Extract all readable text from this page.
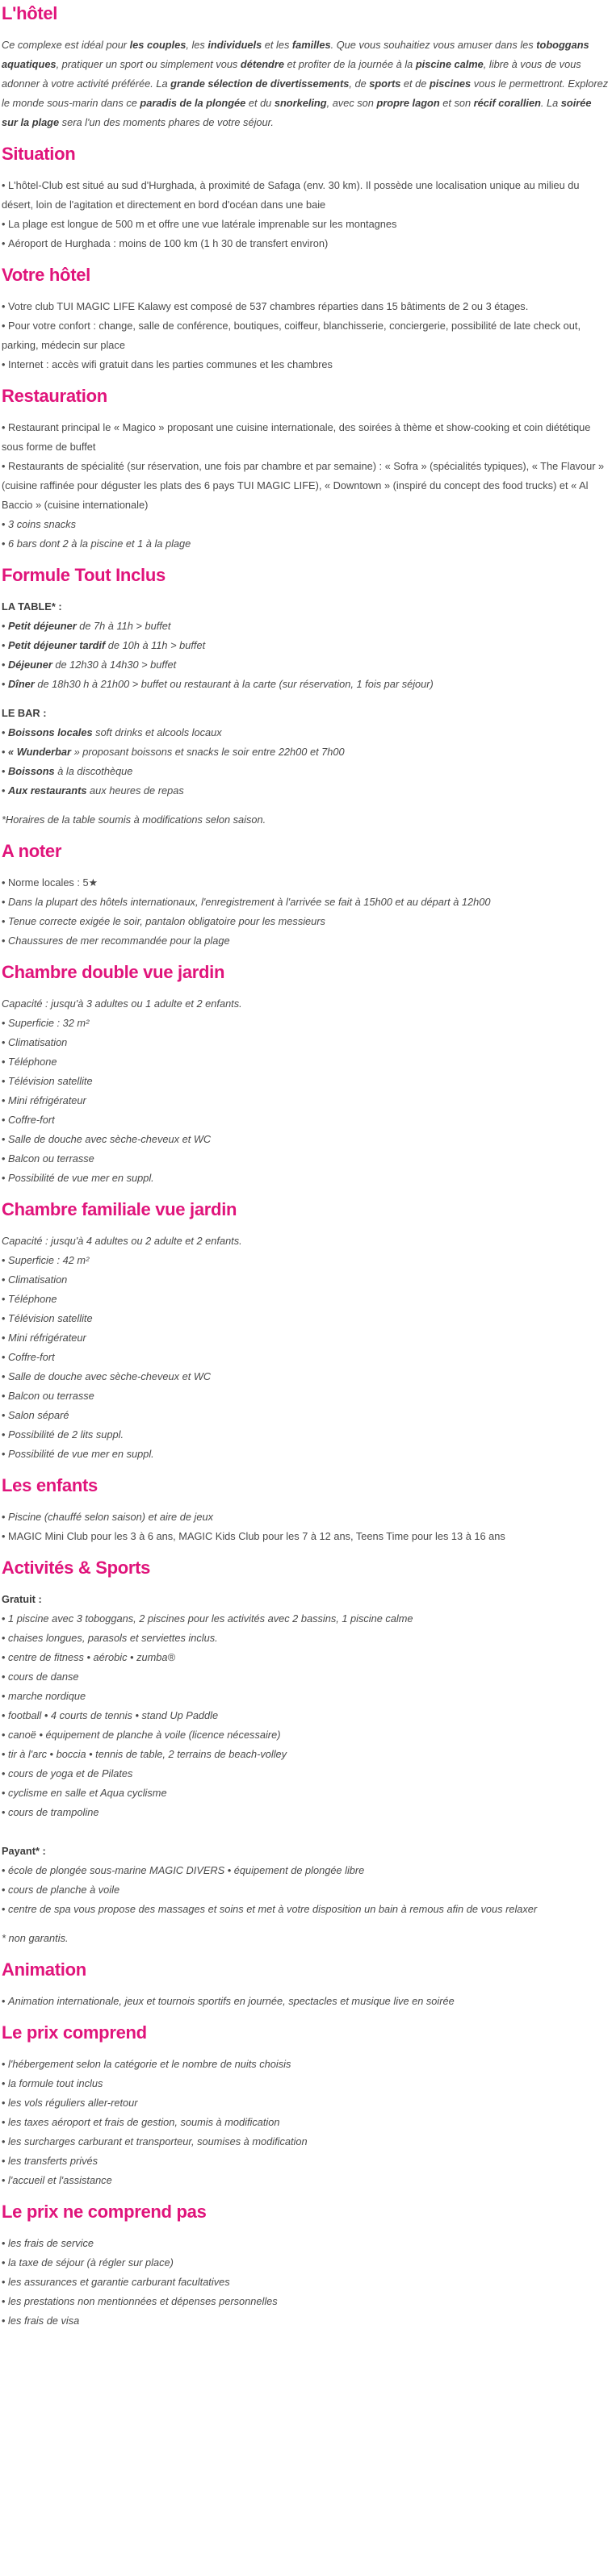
L'hôtel

Ce complexe est idéal pour les couples, les individuels et les familles. Que vous souhaitiez vous amuser dans les toboggans aquatiques, pratiquer un sport ou simplement vous détendre et profiter de la journée à la piscine calme, libre à vous de vous adonner à votre activité préférée. La grande sélection de divertissements, de sports et de piscines vous le permettront. Explorez le monde sous-marin dans ce paradis de la plongée et du snorkeling, avec son propre lagon et son récif corallien. La soirée sur la plage sera l'un des moments phares de votre séjour.

Situation
• L'hôtel-Club est situé au sud d'Hurghada, à proximité de Safaga (env. 30 km). Il possède une localisation unique au milieu du désert, loin de l'agitation et directement en bord d'océan dans une baie
• La plage est longue de 500 m et offre une vue latérale imprenable sur les montagnes
• Aéroport de Hurghada : moins de 100 km (1 h 30 de transfert environ)
Votre hôtel
• Votre club TUI MAGIC LIFE Kalawy est composé de 537 chambres réparties dans 15 bâtiments de 2 ou 3 étages.
• Pour votre confort : change, salle de conférence, boutiques, coiffeur, blanchisserie, conciergerie, possibilité de late check out, parking, médecin sur place
• Internet : accès wifi gratuit dans les parties communes et les chambres
Restauration
• Restaurant principal le « Magico » proposant une cuisine internationale, des soirées à thème et show-cooking et coin diététique sous forme de buffet
• Restaurants de spécialité (sur réservation, une fois par chambre et par semaine) : « Sofra » (spécialités typiques), « The Flavour » (cuisine raffinée pour déguster les plats des 6 pays TUI MAGIC LIFE), « Downtown » (inspiré du concept des food trucks) et « Al Baccio » (cuisine internationale)
• 3 coins snacks
• 6 bars dont 2 à la piscine et 1 à la plage
Formule Tout Inclus
LA TABLE* :
• Petit déjeuner de 7h à 11h > buffet
• Petit déjeuner tardif de 10h à 11h > buffet
• Déjeuner de 12h30 à 14h30 > buffet
• Dîner de 18h30 h à 21h00 > buffet ou restaurant à la carte (sur réservation, 1 fois par séjour)
LE BAR :
• Boissons locales soft drinks et alcools locaux
• « Wunderbar » proposant boissons et snacks le soir entre 22h00 et 7h00
• Boissons à la discothèque
• Aux restaurants aux heures de repas
*Horaires de la table soumis à modifications selon saison.
A noter
• Norme locales : 5★
• Dans la plupart des hôtels internationaux, l'enregistrement à l'arrivée se fait à 15h00 et au départ à 12h00
• Tenue correcte exigée le soir, pantalon obligatoire pour les messieurs
• Chaussures de mer recommandée pour la plage
Chambre double vue jardin
Capacité : jusqu'à 3 adultes ou 1 adulte et 2 enfants.
• Superficie : 32 m²
• Climatisation
• Téléphone
• Télévision satellite
• Mini réfrigérateur
• Coffre-fort
• Salle de douche avec sèche-cheveux et WC
• Balcon ou terrasse
• Possibilité de vue mer en suppl.
Chambre familiale vue jardin
Capacité : jusqu'à 4 adultes ou 2 adulte et 2 enfants.
• Superficie : 42 m²
• Climatisation
• Téléphone
• Télévision satellite
• Mini réfrigérateur
• Coffre-fort
• Salle de douche avec sèche-cheveux et WC
• Balcon ou terrasse
• Salon séparé
• Possibilité de 2 lits suppl.
• Possibilité de vue mer en suppl.
Les enfants
• Piscine (chauffé selon saison) et aire de jeux
• MAGIC Mini Club pour les 3 à 6 ans, MAGIC Kids Club pour les 7 à 12 ans, Teens Time pour les 13 à 16 ans
Activités & Sports
Gratuit :
• 1 piscine avec 3 toboggans, 2 piscines pour les activités avec 2 bassins, 1 piscine calme
• chaises longues, parasols et serviettes inclus.
• centre de fitness • aérobic • zumba®
• cours de danse
• marche nordique
• football • 4 courts de tennis • stand Up Paddle
• canoë • équipement de planche à voile (licence nécessaire)
• tir à l'arc • boccia • tennis de table, 2 terrains de beach-volley
• cours de yoga et de Pilates
• cyclisme en salle et Aqua cyclisme
• cours de trampoline
Payant* :
• école de plongée sous-marine MAGIC DIVERS • équipement de plongée libre
• cours de planche à voile
• centre de spa vous propose des massages et soins et met à votre disposition un bain à remous afin de vous relaxer
* non garantis.
Animation
• Animation internationale, jeux et tournois sportifs en journée, spectacles et musique live en soirée
Le prix comprend
• l'hébergement selon la catégorie et le nombre de nuits choisis
• la formule tout inclus
• les vols réguliers aller-retour
• les taxes aéroport et frais de gestion, soumis à modification
• les surcharges carburant et transporteur, soumises à modification
• les transferts privés
• l'accueil et l'assistance
Le prix ne comprend pas
• les frais de service
• la taxe de séjour (à régler sur place)
• les assurances et garantie carburant facultatives
• les prestations non mentionnées et dépenses personnelles
• les frais de visa
